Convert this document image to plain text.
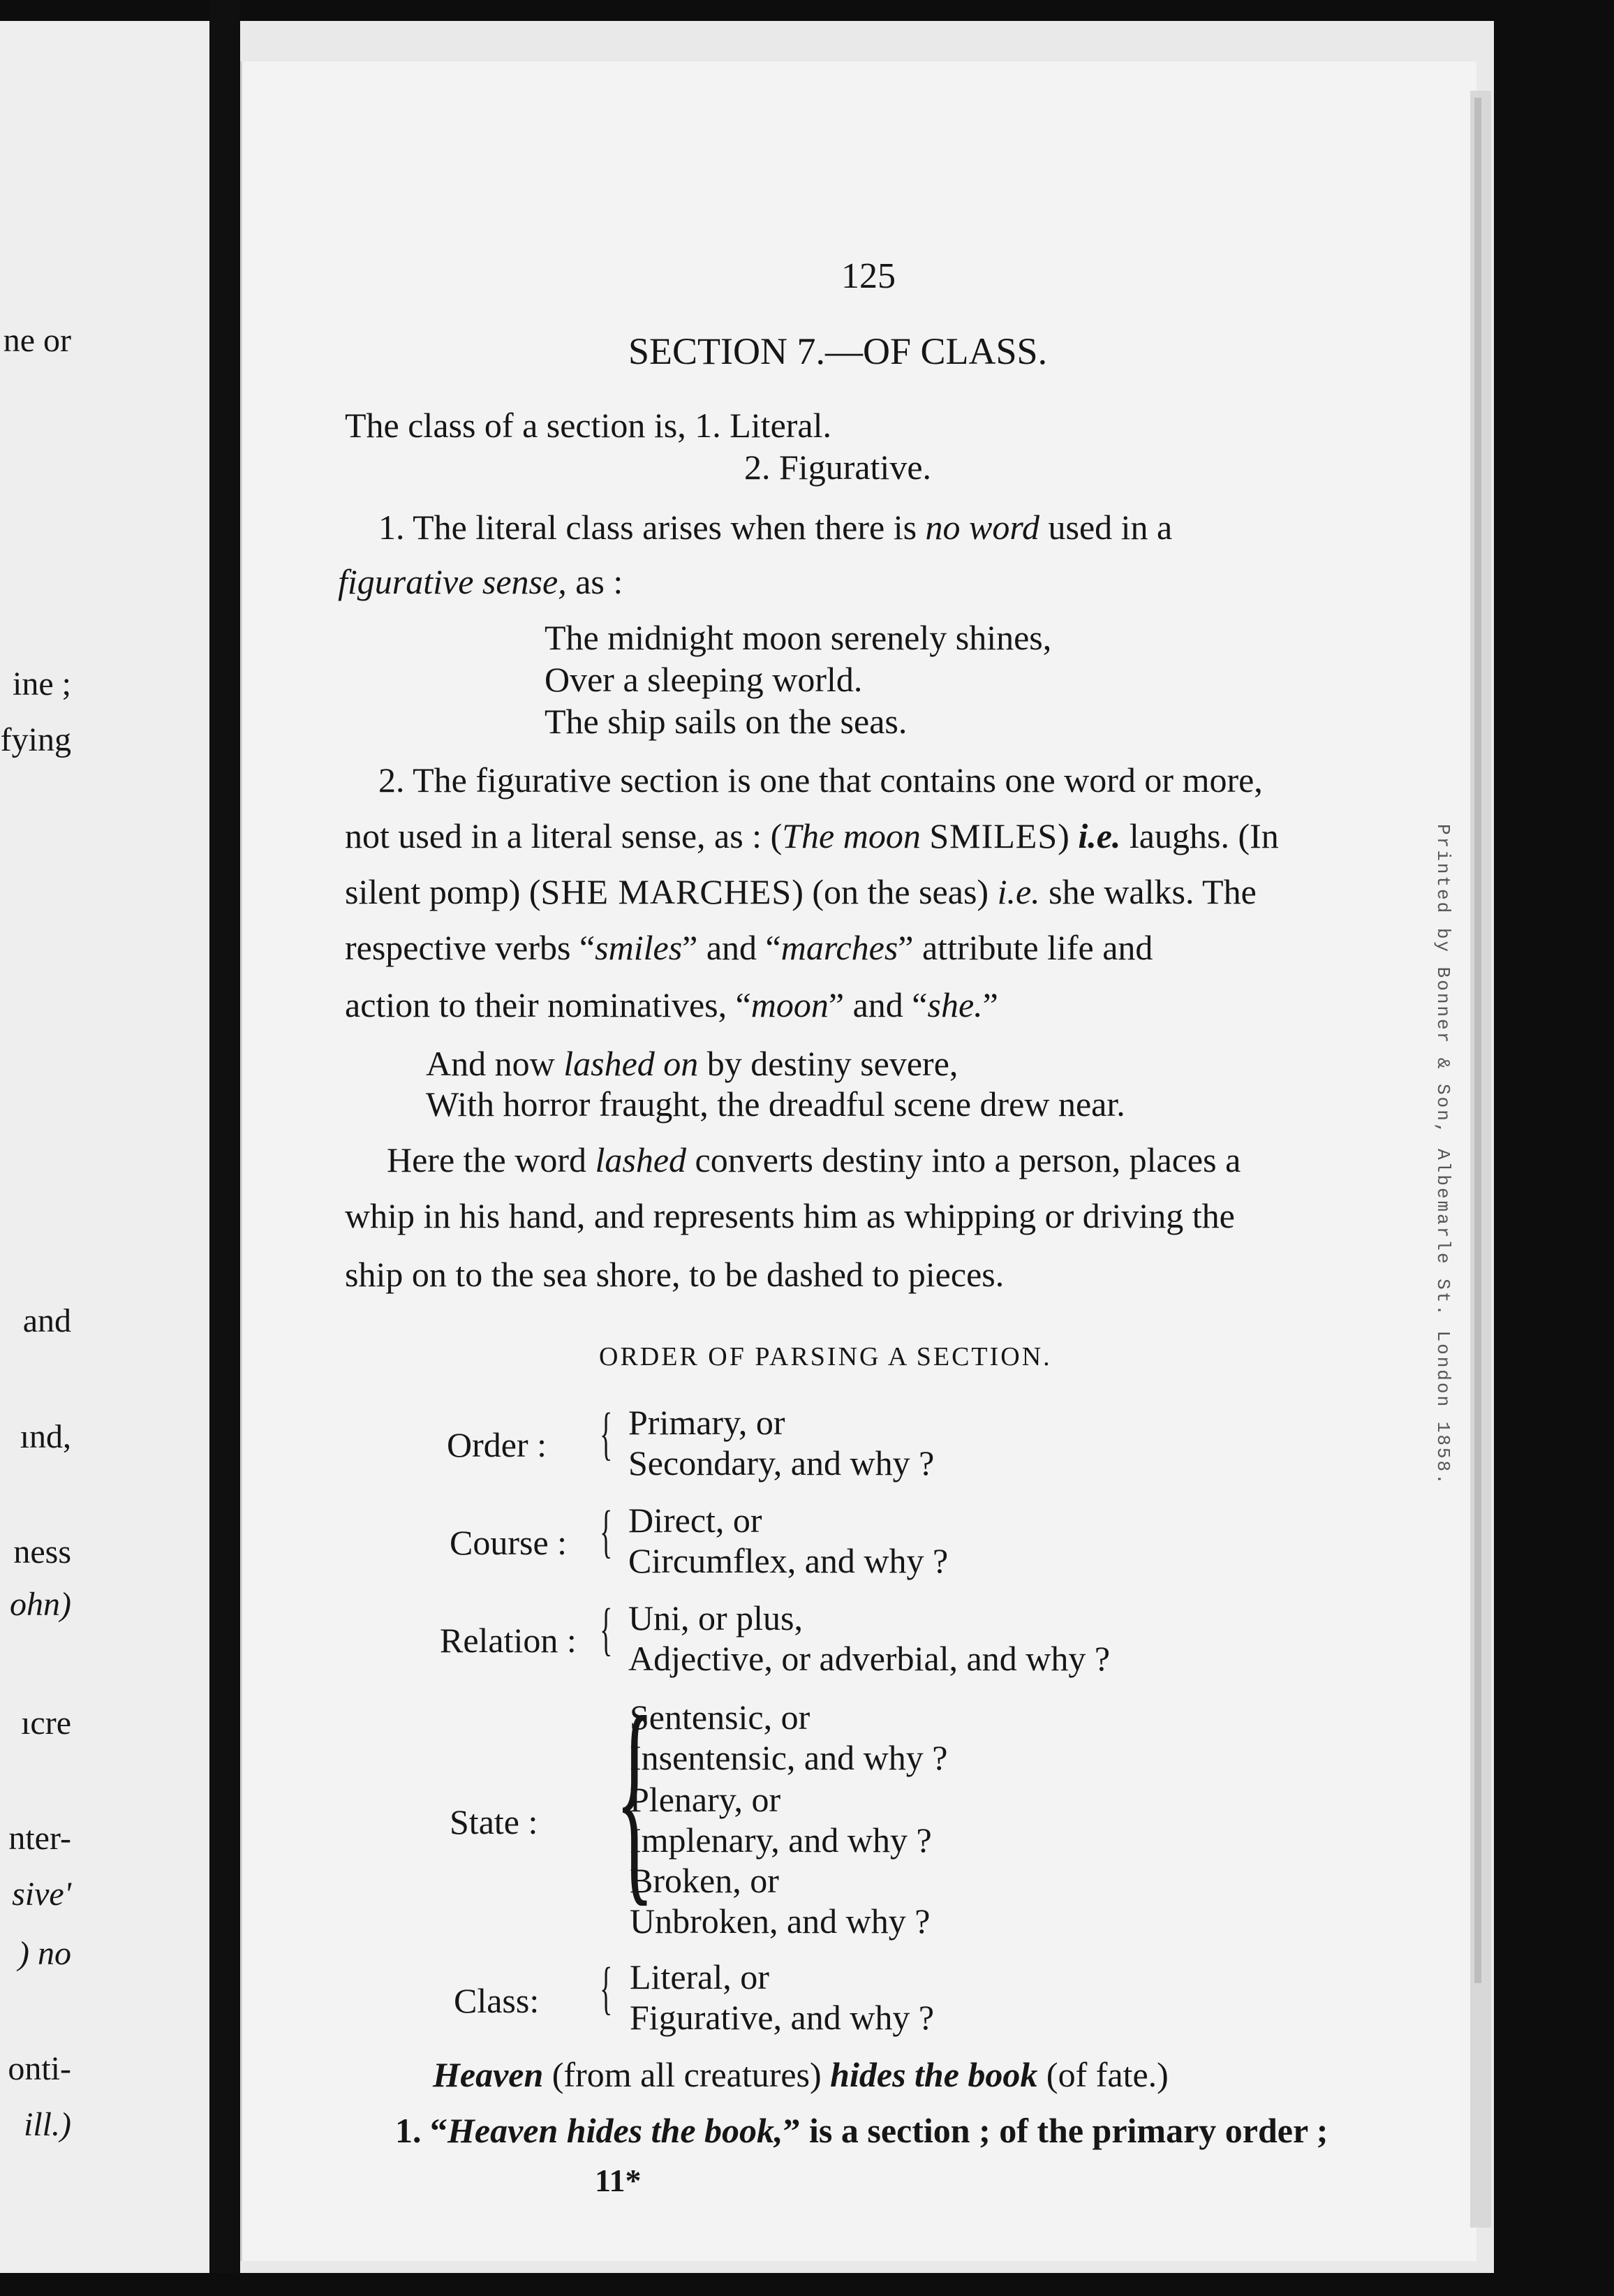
ne or
ine ;
fying
and
ınd,
ness
ohn)
ıcre
nter-
sive'
) no
onti-
ill.)
Printed by Bonner & Son, Albemarle St. London 1858.
125
SECTION 7.—OF CLASS.
The class of a section is, 1. Literal.
2. Figurative.
1. The literal class arises when there is no word used in a
figurative sense, as :
The midnight moon serenely shines,
Over a sleeping world.
The ship sails on the seas.
2. The figurative section is one that contains one word or more,
not used in a literal sense, as : (The moon SMILES) i.e. laughs. (In
silent pomp) (SHE MARCHES) (on the seas) i.e. she walks. The
respective verbs “smiles” and “marches” attribute life and
action to their nominatives, “moon” and “she.”
And now lashed on by destiny severe,
With horror fraught, the dreadful scene drew near.
Here the word lashed converts destiny into a person, places a
whip in his hand, and represents him as whipping or driving the
ship on to the sea shore, to be dashed to pieces.
ORDER OF PARSING A SECTION.
Order : { Primary, or
Secondary, and why ?
Course : { Direct, or
Circumflex, and why ?
Relation : { Uni, or plus,
Adjective, or adverbial, and why ?
State : {
Sentensic, or
Insentensic, and why ?
Plenary, or
Implenary, and why ?
Broken, or
Unbroken, and why ?
Class: { Literal, or
Figurative, and why ?
Heaven (from all creatures) hides the book (of fate.)
1. “Heaven hides the book,” is a section ; of the primary order ;
11*
